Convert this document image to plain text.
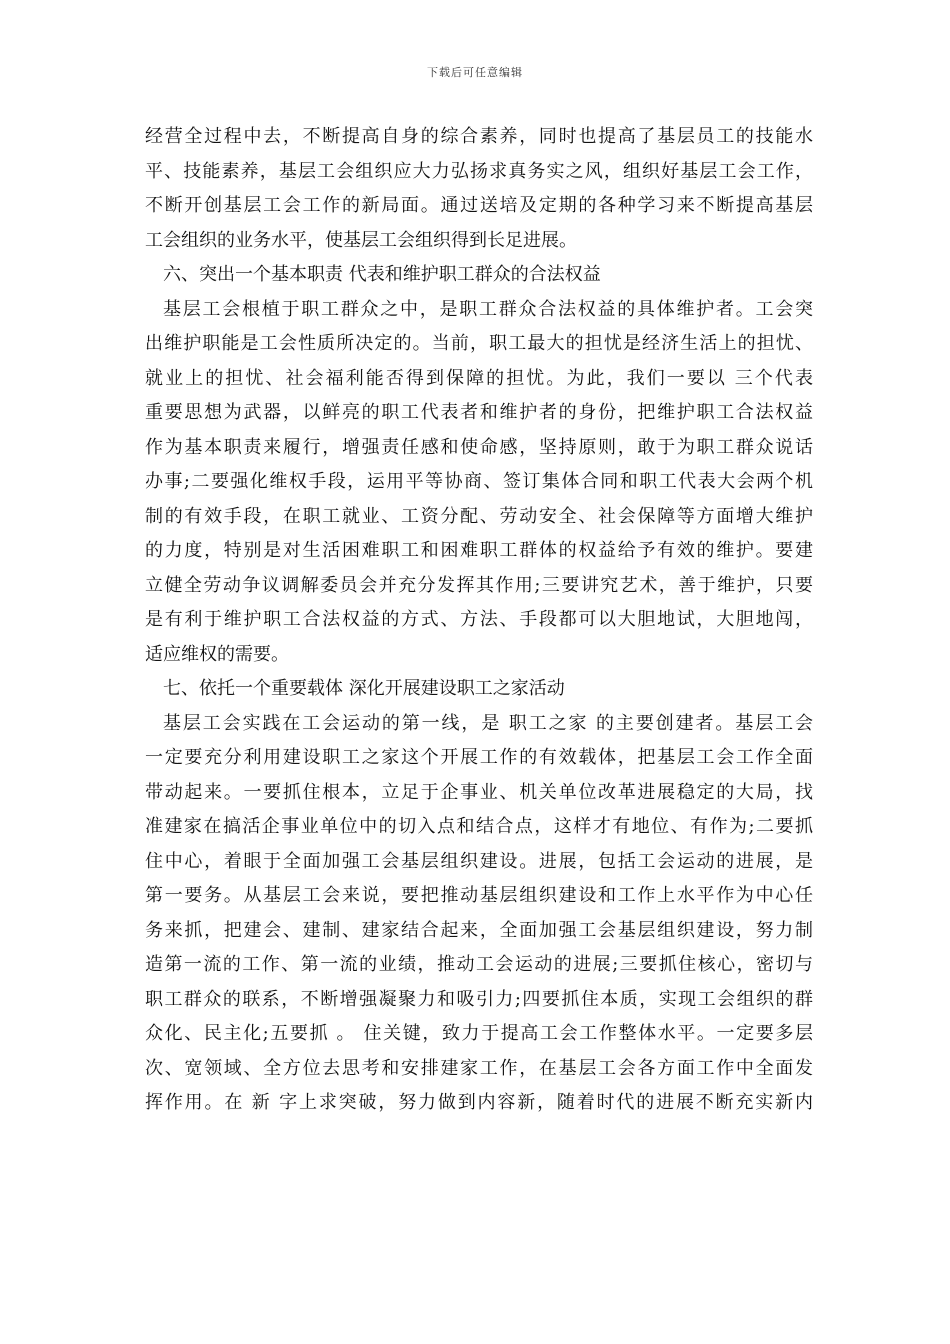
下载后可任意编辑
经营全过程中去，不断提高自身的综合素养，同时也提高了基层员工的技能水
平、技能素养，基层工会组织应大力弘扬求真务实之风，组织好基层工会工作，
不断开创基层工会工作的新局面。通过送培及定期的各种学习来不断提高基层
工会组织的业务水平，使基层工会组织得到长足进展。
六、突出一个基本职责 代表和维护职工群众的合法权益
基层工会根植于职工群众之中，是职工群众合法权益的具体维护者。工会突
出维护职能是工会性质所决定的。当前，职工最大的担忧是经济生活上的担忧、
就业上的担忧、社会福利能否得到保障的担忧。为此，我们一要以 三个代表
重要思想为武器，以鲜亮的职工代表者和维护者的身份，把维护职工合法权益
作为基本职责来履行，增强责任感和使命感，坚持原则，敢于为职工群众说话
办事;二要强化维权手段，运用平等协商、签订集体合同和职工代表大会两个机
制的有效手段，在职工就业、工资分配、劳动安全、社会保障等方面增大维护
的力度，特别是对生活困难职工和困难职工群体的权益给予有效的维护。要建
立健全劳动争议调解委员会并充分发挥其作用;三要讲究艺术，善于维护，只要
是有利于维护职工合法权益的方式、方法、手段都可以大胆地试，大胆地闯，
适应维权的需要。
七、依托一个重要载体 深化开展建设职工之家活动
基层工会实践在工会运动的第一线，是 职工之家 的主要创建者。基层工会
一定要充分利用建设职工之家这个开展工作的有效载体，把基层工会工作全面
带动起来。一要抓住根本，立足于企事业、机关单位改革进展稳定的大局，找
准建家在搞活企事业单位中的切入点和结合点，这样才有地位、有作为;二要抓
住中心，着眼于全面加强工会基层组织建设。进展，包括工会运动的进展，是
第一要务。从基层工会来说，要把推动基层组织建设和工作上水平作为中心任
务来抓，把建会、建制、建家结合起来，全面加强工会基层组织建设，努力制
造第一流的工作、第一流的业绩，推动工会运动的进展;三要抓住核心，密切与
职工群众的联系，不断增强凝聚力和吸引力;四要抓住本质，实现工会组织的群
众化、民主化;五要抓 。 住关键，致力于提高工会工作整体水平。一定要多层
次、宽领域、全方位去思考和安排建家工作，在基层工会各方面工作中全面发
挥作用。在 新 字上求突破，努力做到内容新，随着时代的进展不断充实新内
